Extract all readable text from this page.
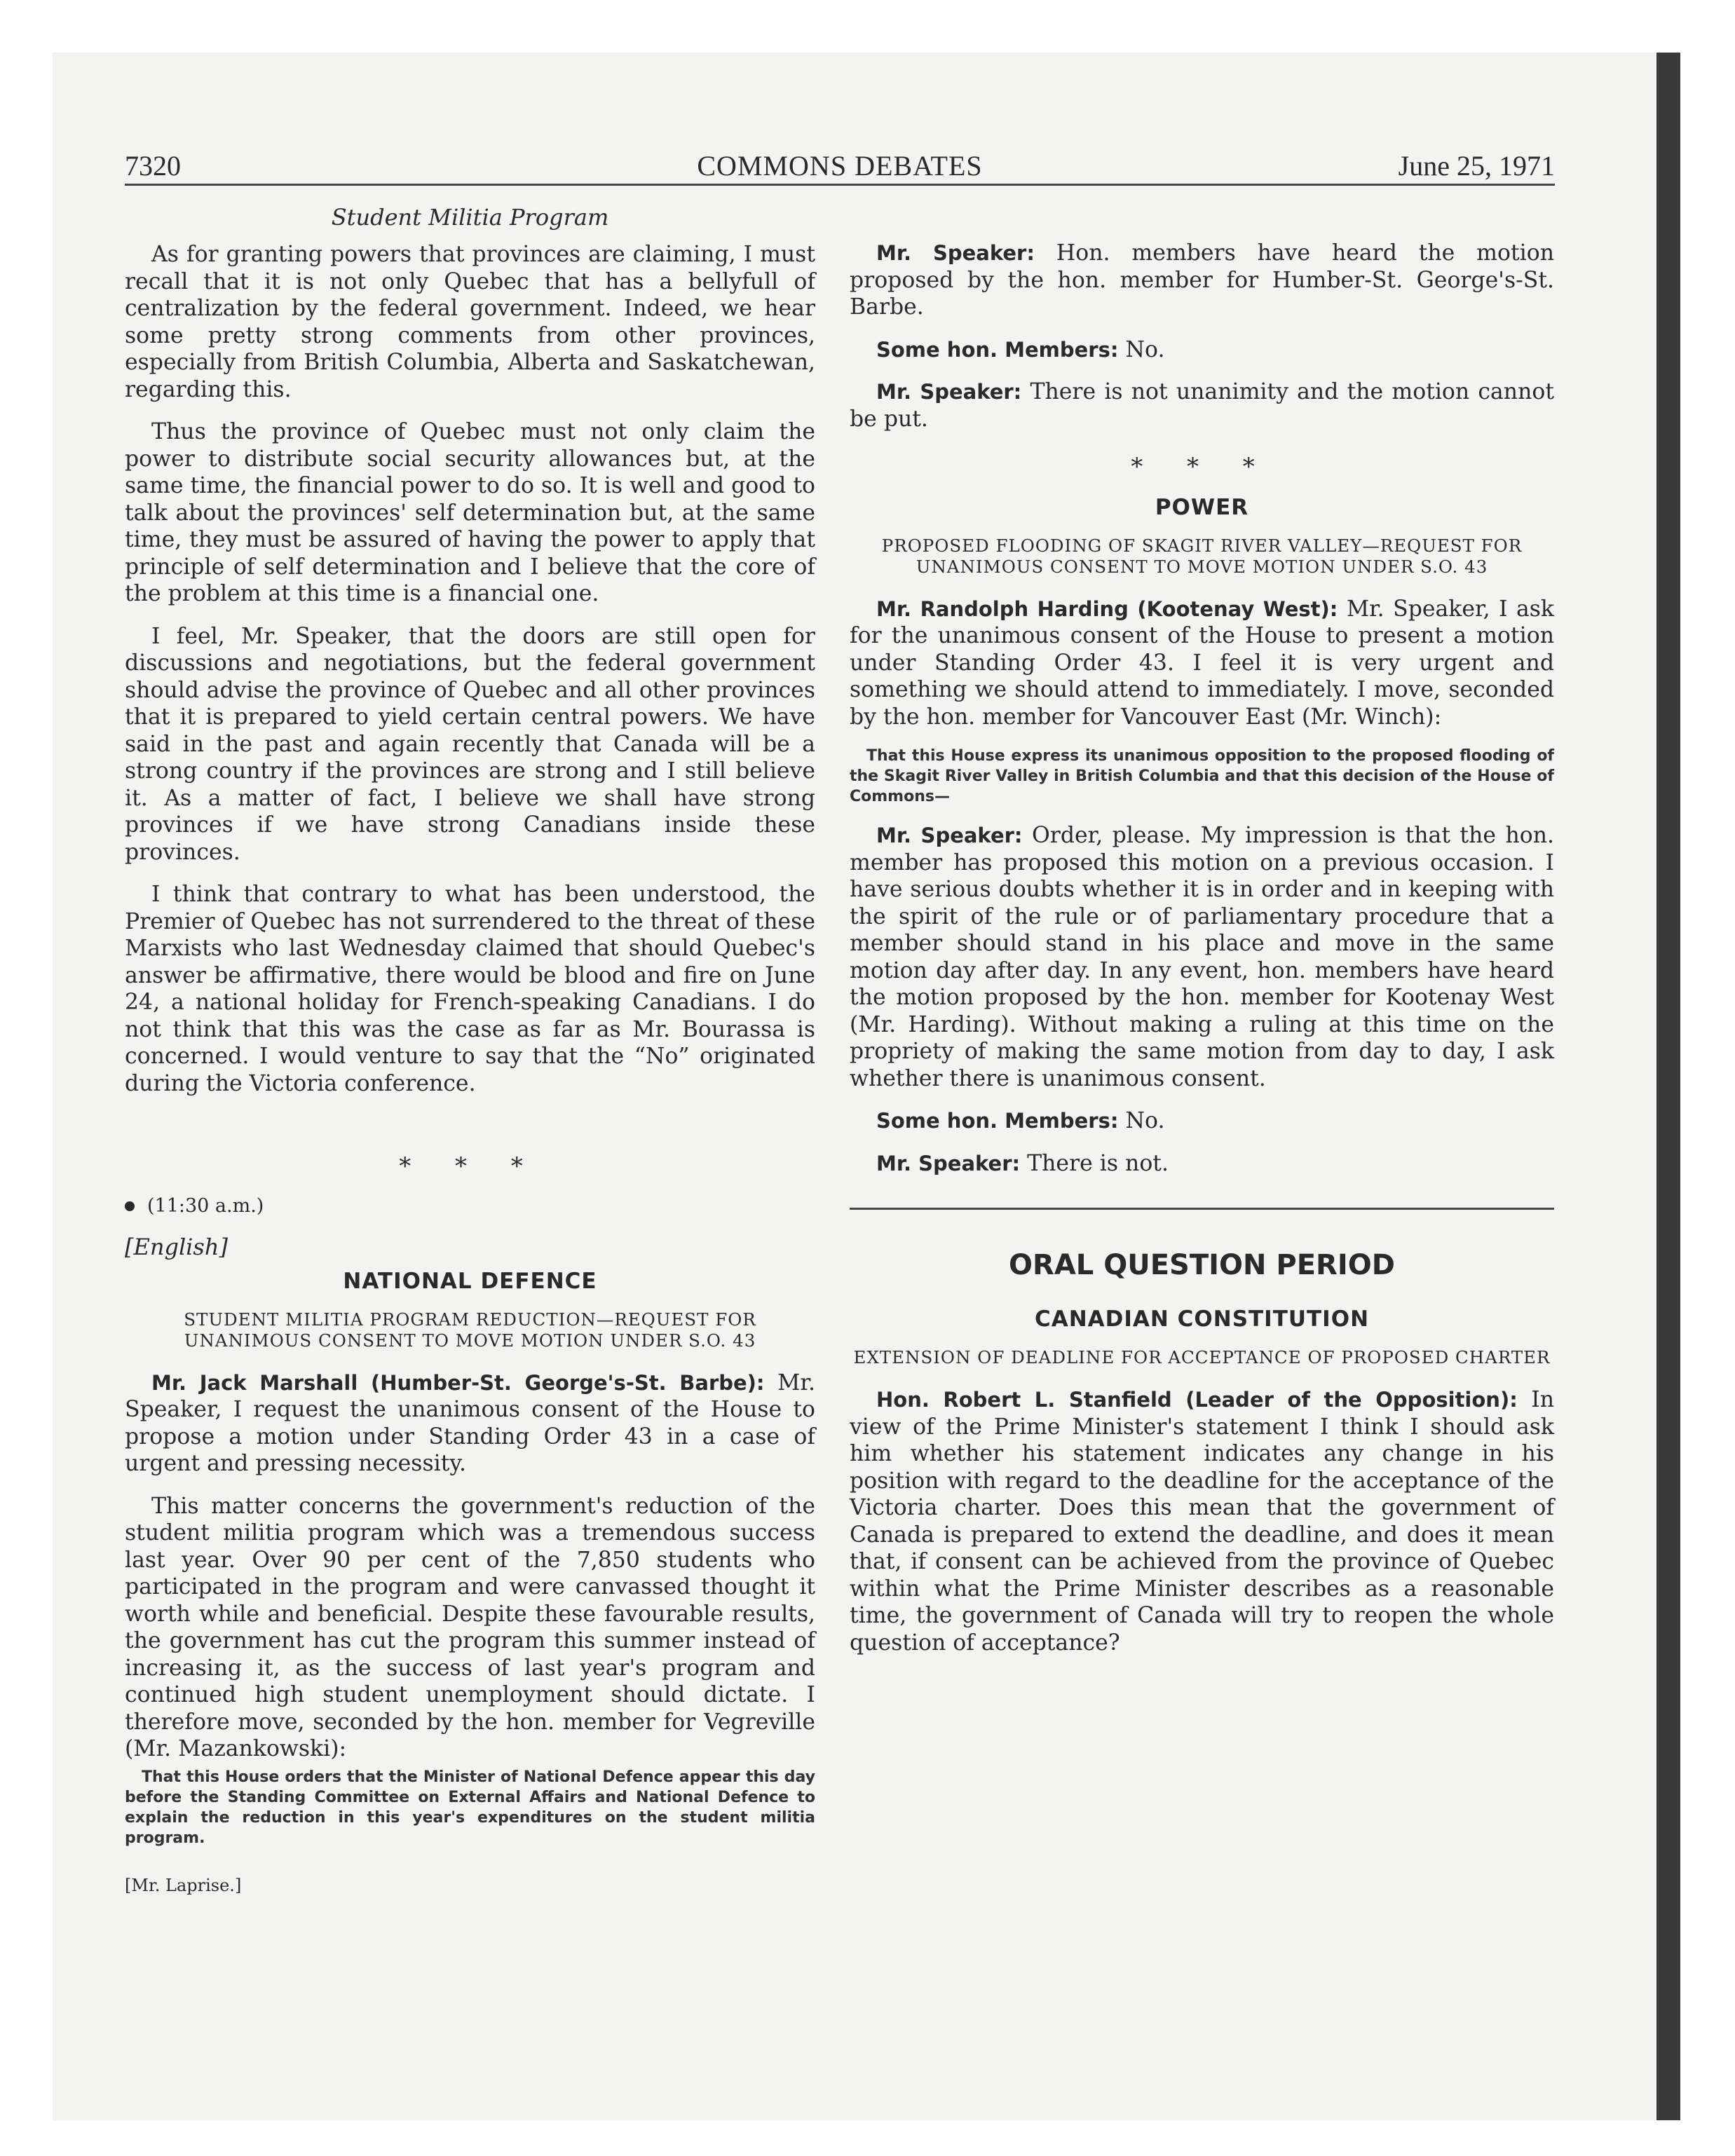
7320	COMMONS DEBATES	June 25, 1971

Student Militia Program

As for granting powers that provinces are claiming, I must recall that it is not only Quebec that has a bellyfull of centralization by the federal government. Indeed, we hear some pretty strong comments from other provinces, especially from British Columbia, Alberta and Saskatchewan, regarding this.

Thus the province of Quebec must not only claim the power to distribute social security allowances but, at the same time, the financial power to do so. It is well and good to talk about the provinces' self determination but, at the same time, they must be assured of having the power to apply that principle of self determination and I believe that the core of the problem at this time is a financial one.

I feel, Mr. Speaker, that the doors are still open for discussions and negotiations, but the federal government should advise the province of Quebec and all other provinces that it is prepared to yield certain central powers. We have said in the past and again recently that Canada will be a strong country if the provinces are strong and I still believe it. As a matter of fact, I believe we shall have strong provinces if we have strong Canadians inside these provinces.

I think that contrary to what has been understood, the Premier of Quebec has not surrendered to the threat of these Marxists who last Wednesday claimed that should Quebec's answer be affirmative, there would be blood and fire on June 24, a national holiday for French-speaking Canadians. I do not think that this was the case as far as Mr. Bourassa is concerned. I would venture to say that the “No” originated during the Victoria conference.

* * *

(11:30 a.m.)

[English]

NATIONAL DEFENCE
STUDENT MILITIA PROGRAM REDUCTION—REQUEST FOR UNANIMOUS CONSENT TO MOVE MOTION UNDER S.O. 43

Mr. Jack Marshall (Humber-St. George's-St. Barbe): Mr. Speaker, I request the unanimous consent of the House to propose a motion under Standing Order 43 in a case of urgent and pressing necessity.

This matter concerns the government's reduction of the student militia program which was a tremendous success last year. Over 90 per cent of the 7,850 students who participated in the program and were canvassed thought it worth while and beneficial. Despite these favourable results, the government has cut the program this summer instead of increasing it, as the success of last year's program and continued high student unemployment should dictate. I therefore move, seconded by the hon. member for Vegreville (Mr. Mazankowski):

That this House orders that the Minister of National Defence appear this day before the Standing Committee on External Affairs and National Defence to explain the reduction in this year's expenditures on the student militia program.

[Mr. Laprise.]

Mr. Speaker: Hon. members have heard the motion proposed by the hon. member for Humber-St. George's-St. Barbe.

Some hon. Members: No.

Mr. Speaker: There is not unanimity and the motion cannot be put.

* * *

POWER
PROPOSED FLOODING OF SKAGIT RIVER VALLEY—REQUEST FOR UNANIMOUS CONSENT TO MOVE MOTION UNDER S.O. 43

Mr. Randolph Harding (Kootenay West): Mr. Speaker, I ask for the unanimous consent of the House to present a motion under Standing Order 43. I feel it is very urgent and something we should attend to immediately. I move, seconded by the hon. member for Vancouver East (Mr. Winch):

That this House express its unanimous opposition to the proposed flooding of the Skagit River Valley in British Columbia and that this decision of the House of Commons—

Mr. Speaker: Order, please. My impression is that the hon. member has proposed this motion on a previous occasion. I have serious doubts whether it is in order and in keeping with the spirit of the rule or of parliamentary procedure that a member should stand in his place and move in the same motion day after day. In any event, hon. members have heard the motion proposed by the hon. member for Kootenay West (Mr. Harding). Without making a ruling at this time on the propriety of making the same motion from day to day, I ask whether there is unanimous consent.

Some hon. Members: No.

Mr. Speaker: There is not.

ORAL QUESTION PERIOD
CANADIAN CONSTITUTION
EXTENSION OF DEADLINE FOR ACCEPTANCE OF PROPOSED CHARTER

Hon. Robert L. Stanfield (Leader of the Opposition): In view of the Prime Minister's statement I think I should ask him whether his statement indicates any change in his position with regard to the deadline for the acceptance of the Victoria charter. Does this mean that the government of Canada is prepared to extend the deadline, and does it mean that, if consent can be achieved from the province of Quebec within what the Prime Minister describes as a reasonable time, the government of Canada will try to reopen the whole question of acceptance?
